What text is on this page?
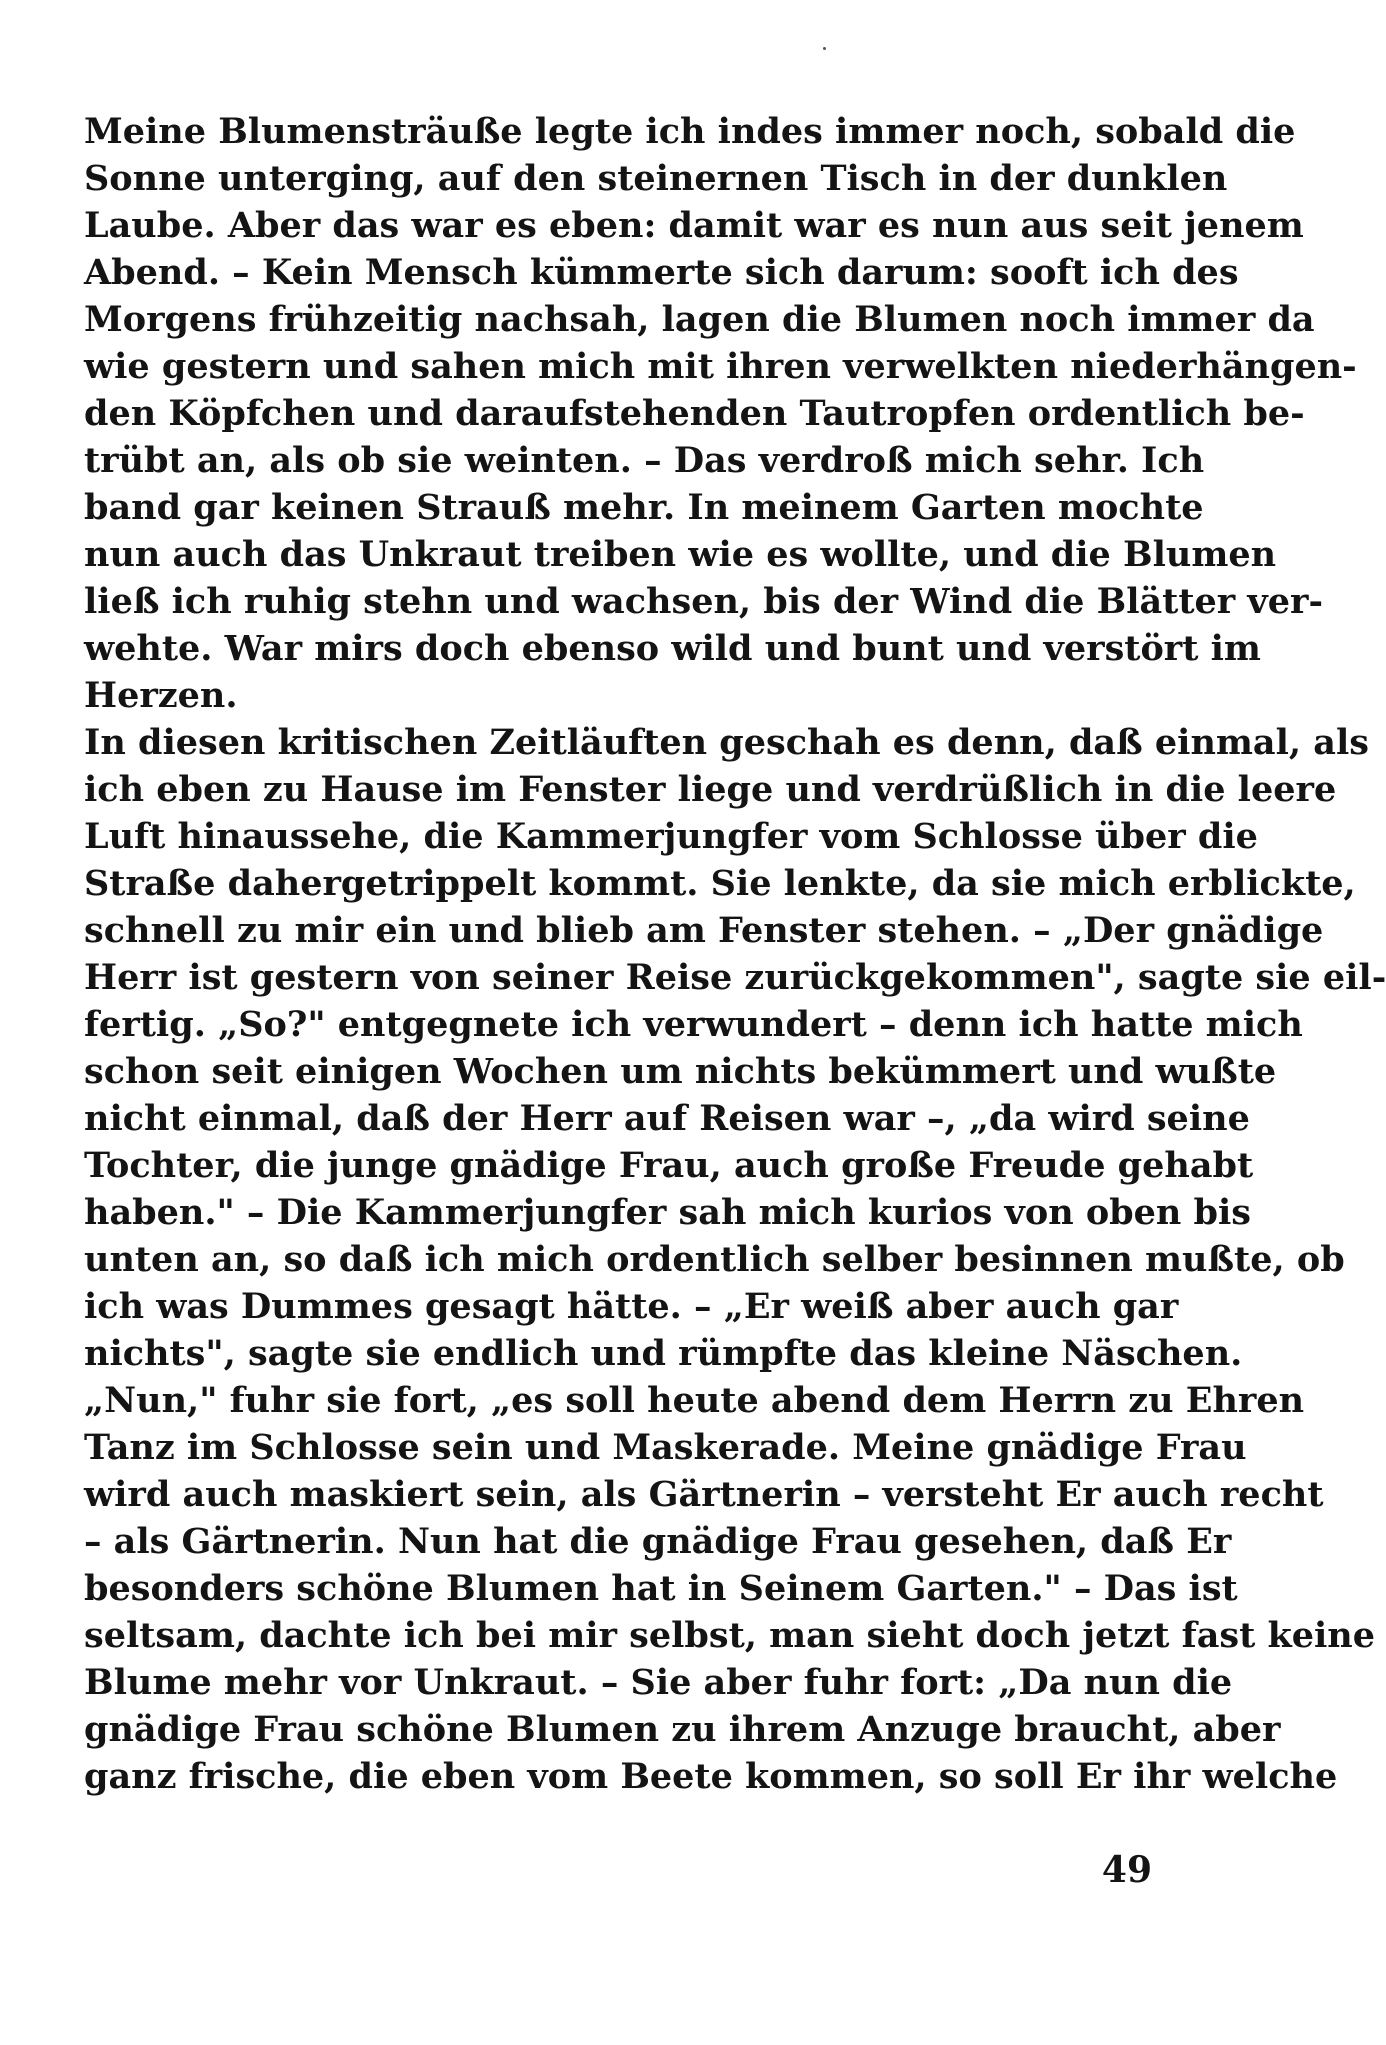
Meine Blumensträuße legte ich indes immer noch, sobald die
Sonne unterging, auf den steinernen Tisch in der dunklen
Laube. Aber das war es eben: damit war es nun aus seit jenem
Abend. – Kein Mensch kümmerte sich darum: sooft ich des
Morgens frühzeitig nachsah, lagen die Blumen noch immer da
wie gestern und sahen mich mit ihren verwelkten niederhängen-
den Köpfchen und daraufstehenden Tautropfen ordentlich be-
trübt an, als ob sie weinten. – Das verdroß mich sehr. Ich
band gar keinen Strauß mehr. In meinem Garten mochte
nun auch das Unkraut treiben wie es wollte, und die Blumen
ließ ich ruhig stehn und wachsen, bis der Wind die Blätter ver-
wehte. War mirs doch ebenso wild und bunt und verstört im
Herzen.
In diesen kritischen Zeitläuften geschah es denn, daß einmal, als
ich eben zu Hause im Fenster liege und verdrüßlich in die leere
Luft hinaussehe, die Kammerjungfer vom Schlosse über die
Straße dahergetrippelt kommt. Sie lenkte, da sie mich erblickte,
schnell zu mir ein und blieb am Fenster stehen. – „Der gnädige
Herr ist gestern von seiner Reise zurückgekommen", sagte sie eil-
fertig. „So?" entgegnete ich verwundert – denn ich hatte mich
schon seit einigen Wochen um nichts bekümmert und wußte
nicht einmal, daß der Herr auf Reisen war –, „da wird seine
Tochter, die junge gnädige Frau, auch große Freude gehabt
haben." – Die Kammerjungfer sah mich kurios von oben bis
unten an, so daß ich mich ordentlich selber besinnen mußte, ob
ich was Dummes gesagt hätte. – „Er weiß aber auch gar
nichts", sagte sie endlich und rümpfte das kleine Näschen.
„Nun," fuhr sie fort, „es soll heute abend dem Herrn zu Ehren
Tanz im Schlosse sein und Maskerade. Meine gnädige Frau
wird auch maskiert sein, als Gärtnerin – versteht Er auch recht
– als Gärtnerin. Nun hat die gnädige Frau gesehen, daß Er
besonders schöne Blumen hat in Seinem Garten." – Das ist
seltsam, dachte ich bei mir selbst, man sieht doch jetzt fast keine
Blume mehr vor Unkraut. – Sie aber fuhr fort: „Da nun die
gnädige Frau schöne Blumen zu ihrem Anzuge braucht, aber
ganz frische, die eben vom Beete kommen, so soll Er ihr welche
49
